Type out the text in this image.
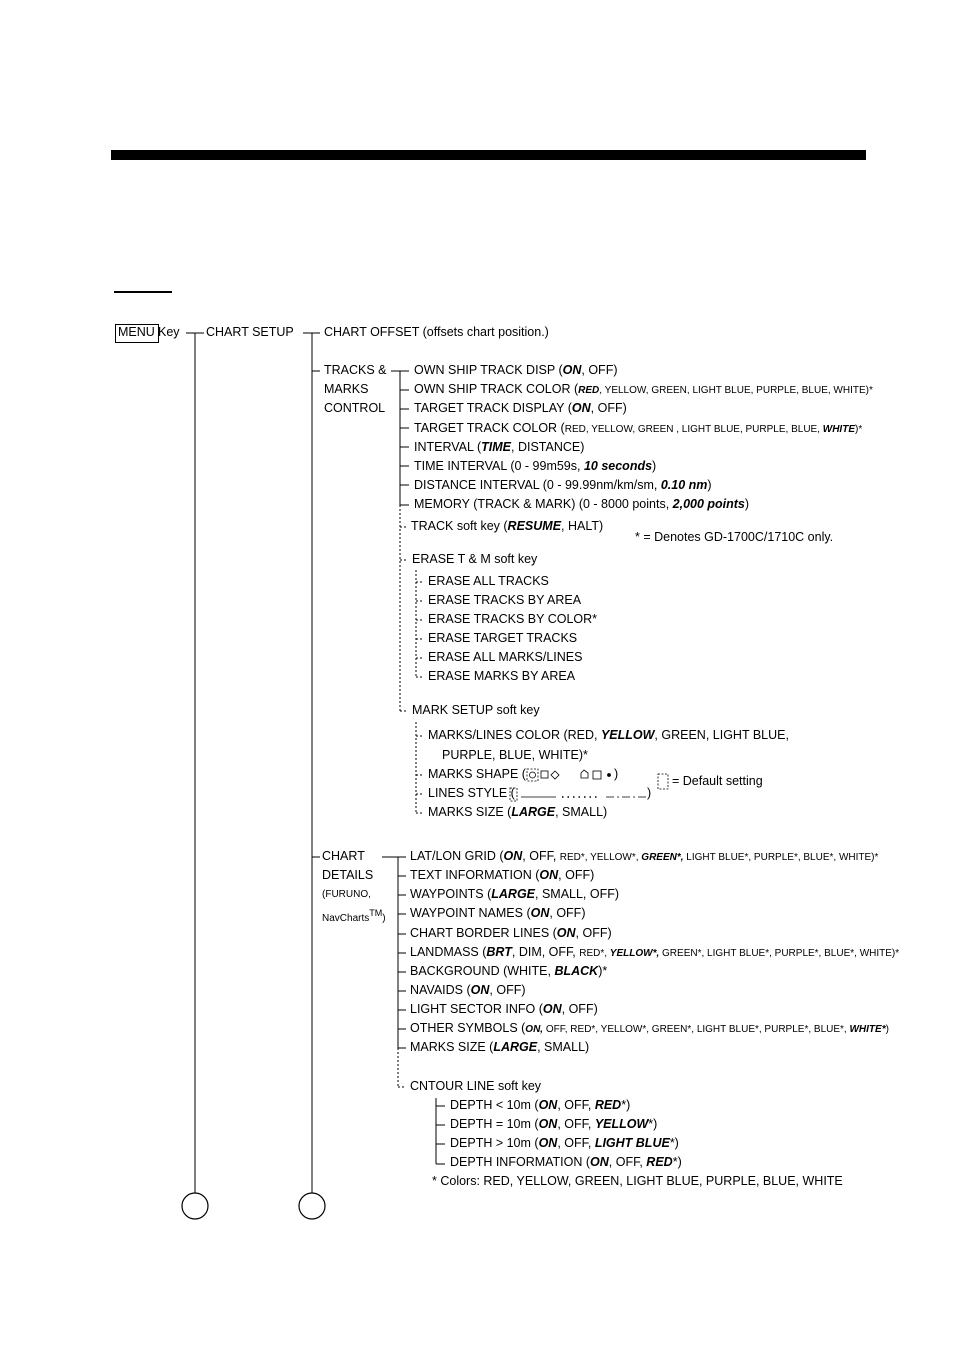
MENU Key CHART SETUP CHART OFFSET (offsets chart position.)
TRACKS &
MARKS
CONTROL
OWN SHIP TRACK DISP (ON, OFF)
OWN SHIP TRACK COLOR (RED, YELLOW, GREEN, LIGHT BLUE, PURPLE, BLUE, WHITE)*
TARGET TRACK DISPLAY (ON, OFF)
TARGET TRACK COLOR (RED, YELLOW, GREEN , LIGHT BLUE, PURPLE, BLUE, WHITE)*
INTERVAL (TIME, DISTANCE)
TIME INTERVAL (0 - 99m59s, 10 seconds)
DISTANCE INTERVAL (0 - 99.99nm/km/sm, 0.10 nm)
MEMORY (TRACK & MARK) (0 - 8000 points, 2,000 points)
TRACK soft key (RESUME, HALT)
* = Denotes GD-1700C/1710C only.
ERASE T & M soft key
ERASE ALL TRACKS
ERASE TRACKS BY AREA
ERASE TRACKS BY COLOR*
ERASE TARGET TRACKS
ERASE ALL MARKS/LINES
ERASE MARKS BY AREA
MARK SETUP soft key
MARKS/LINES COLOR (RED, YELLOW, GREEN, LIGHT BLUE,
PURPLE, BLUE, WHITE)*
MARKS SHAPE (	)
LINES STYLE (	)
MARKS SIZE (LARGE, SMALL)
= Default setting
CHART
DETAILS
(FURUNO,
NavCharts™)
LAT/LON GRID (ON, OFF, RED*, YELLOW*, GREEN*, LIGHT BLUE*, PURPLE*, BLUE*, WHITE)*
TEXT INFORMATION (ON, OFF)
WAYPOINTS (LARGE, SMALL, OFF)
WAYPOINT NAMES (ON, OFF)
CHART BORDER LINES (ON, OFF)
LANDMASS (BRT, DIM, OFF, RED*, YELLOW*, GREEN*, LIGHT BLUE*, PURPLE*, BLUE*, WHITE)*
BACKGROUND (WHITE, BLACK)*
NAVAIDS (ON, OFF)
LIGHT SECTOR INFO (ON, OFF)
OTHER SYMBOLS (ON, OFF, RED*, YELLOW*, GREEN*, LIGHT BLUE*, PURPLE*, BLUE*, WHITE*)
MARKS SIZE (LARGE, SMALL)
CNTOUR LINE soft key
DEPTH < 10m (ON, OFF, RED*)
DEPTH = 10m (ON, OFF, YELLOW*)
DEPTH > 10m (ON, OFF, LIGHT BLUE*)
DEPTH INFORMATION (ON, OFF, RED*)
* Colors: RED, YELLOW, GREEN, LIGHT BLUE, PURPLE, BLUE, WHITE
